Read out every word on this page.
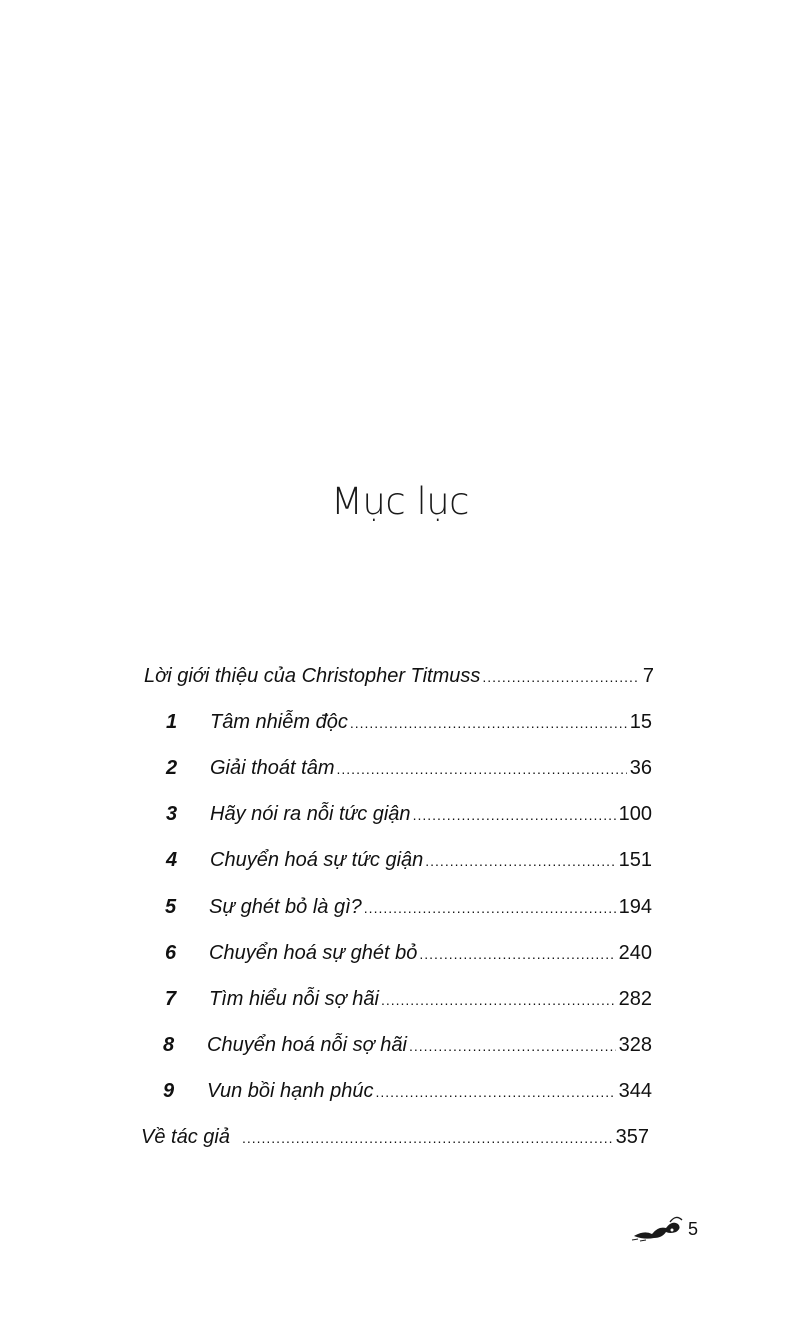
Mục lục
Lời giới thiệu của Christopher Titmuss .....	7
1	Tâm nhiễm độc .....	15
2	Giải thoát tâm .....	36
3	Hãy nói ra nỗi tức giận .....	100
4	Chuyển hoá sự tức giận .....	151
5	Sự ghét bỏ là gì? .....	194
6	Chuyển hoá sự ghét bỏ .....	240
7	Tìm hiểu nỗi sợ hãi .....	282
8	Chuyển hoá nỗi sợ hãi .....	328
9	Vun bồi hạnh phúc .....	344
Về tác giả .....	357
5
